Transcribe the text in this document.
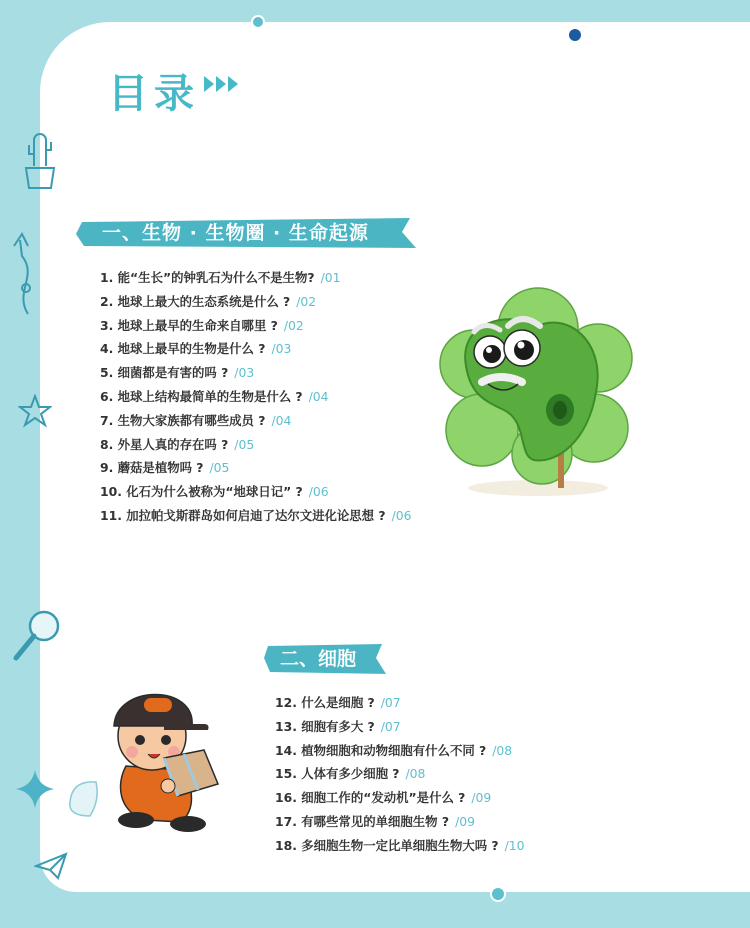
目录
一、生物 · 生物圈 · 生命起源
1. 能“生长”的钟乳石为什么不是生物? /01
2. 地球上最大的生态系统是什么 ? /02
3. 地球上最早的生命来自哪里 ? /02
4. 地球上最早的生物是什么 ? /03
5. 细菌都是有害的吗 ? /03
6. 地球上结构最简单的生物是什么 ? /04
7. 生物大家族都有哪些成员 ? /04
8. 外星人真的存在吗 ? /05
9. 蘑菇是植物吗 ? /05
10. 化石为什么被称为“地球日记” ? /06
11. 加拉帕戈斯群岛如何启迪了达尔文进化论思想 ? /06
二、细胞
12. 什么是细胞 ? /07
13. 细胞有多大 ? /07
14. 植物细胞和动物细胞有什么不同 ? /08
15. 人体有多少细胞 ? /08
16. 细胞工作的“发动机”是什么 ? /09
17. 有哪些常见的单细胞生物 ? /09
18. 多细胞生物一定比单细胞生物大吗 ? /10
